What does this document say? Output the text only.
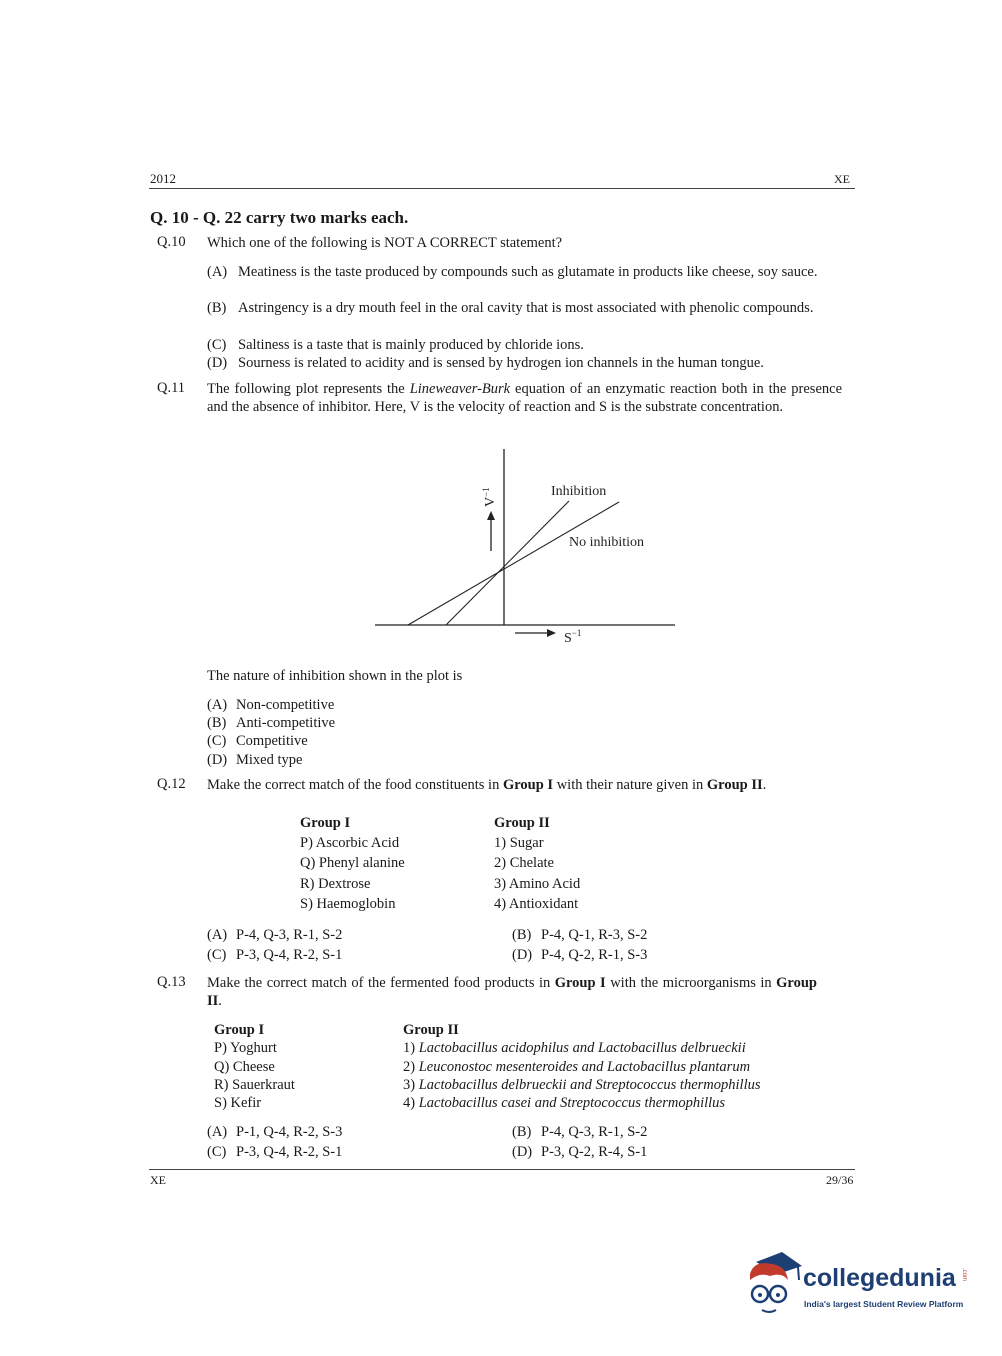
2012	XE
Q. 10 - Q. 22 carry two marks each.
Q.10 Which one of the following is NOT A CORRECT statement?
(A) Meatiness is the taste produced by compounds such as glutamate in products like cheese, soy sauce.
(B) Astringency is a dry mouth feel in the oral cavity that is most associated with phenolic compounds.
(C) Saltiness is a taste that is mainly produced by chloride ions.
(D) Sourness is related to acidity and is sensed by hydrogen ion channels in the human tongue.
Q.11 The following plot represents the Lineweaver-Burk equation of an enzymatic reaction both in the presence and the absence of inhibitor. Here, V is the velocity of reaction and S is the substrate concentration.
$V^{-1}$
$S^{-1}$
Inhibition
No inhibition
The nature of inhibition shown in the plot is
(A) Non-competitive
(B) Anti-competitive
(C) Competitive
(D) Mixed type
Q.12 Make the correct match of the food constituents in Group I with their nature given in Group II.

Group I

P) Ascorbic Acid

Q) Phenyl alanine

R) Dextrose

S) Haemoglobin

Group II

1) Sugar

2) Chelate

3) Amino Acid

4) Antioxidant

(A) P-4, Q-3, R-1, S-2
(C) P-3, Q-4, R-2, S-1
(B) P-4, Q-1, R-3, S-2
(D) P-4, Q-2, R-1, S-3
Q.13 Make the correct match of the fermented food products in Group I with the microorganisms in Group II.

Group I

P) Yoghurt

Q) Cheese

R) Sauerkraut

S) Kefir

Group II

1) Lactobacillus acidophilus and Lactobacillus delbrueckii

2) Leuconostoc mesenteroides and Lactobacillus plantarum

3) Lactobacillus delbrueckii and Streptococcus thermophillus

4) Lactobacillus casei and Streptococcus thermophillus

(A) P-1, Q-4, R-2, S-3
(C) P-3, Q-4, R-2, S-1
(B) P-4, Q-3, R-1, S-2
(D) P-3, Q-2, R-4, S-1
XE	29/36
collegedunia .com
India's largest Student Review Platform
